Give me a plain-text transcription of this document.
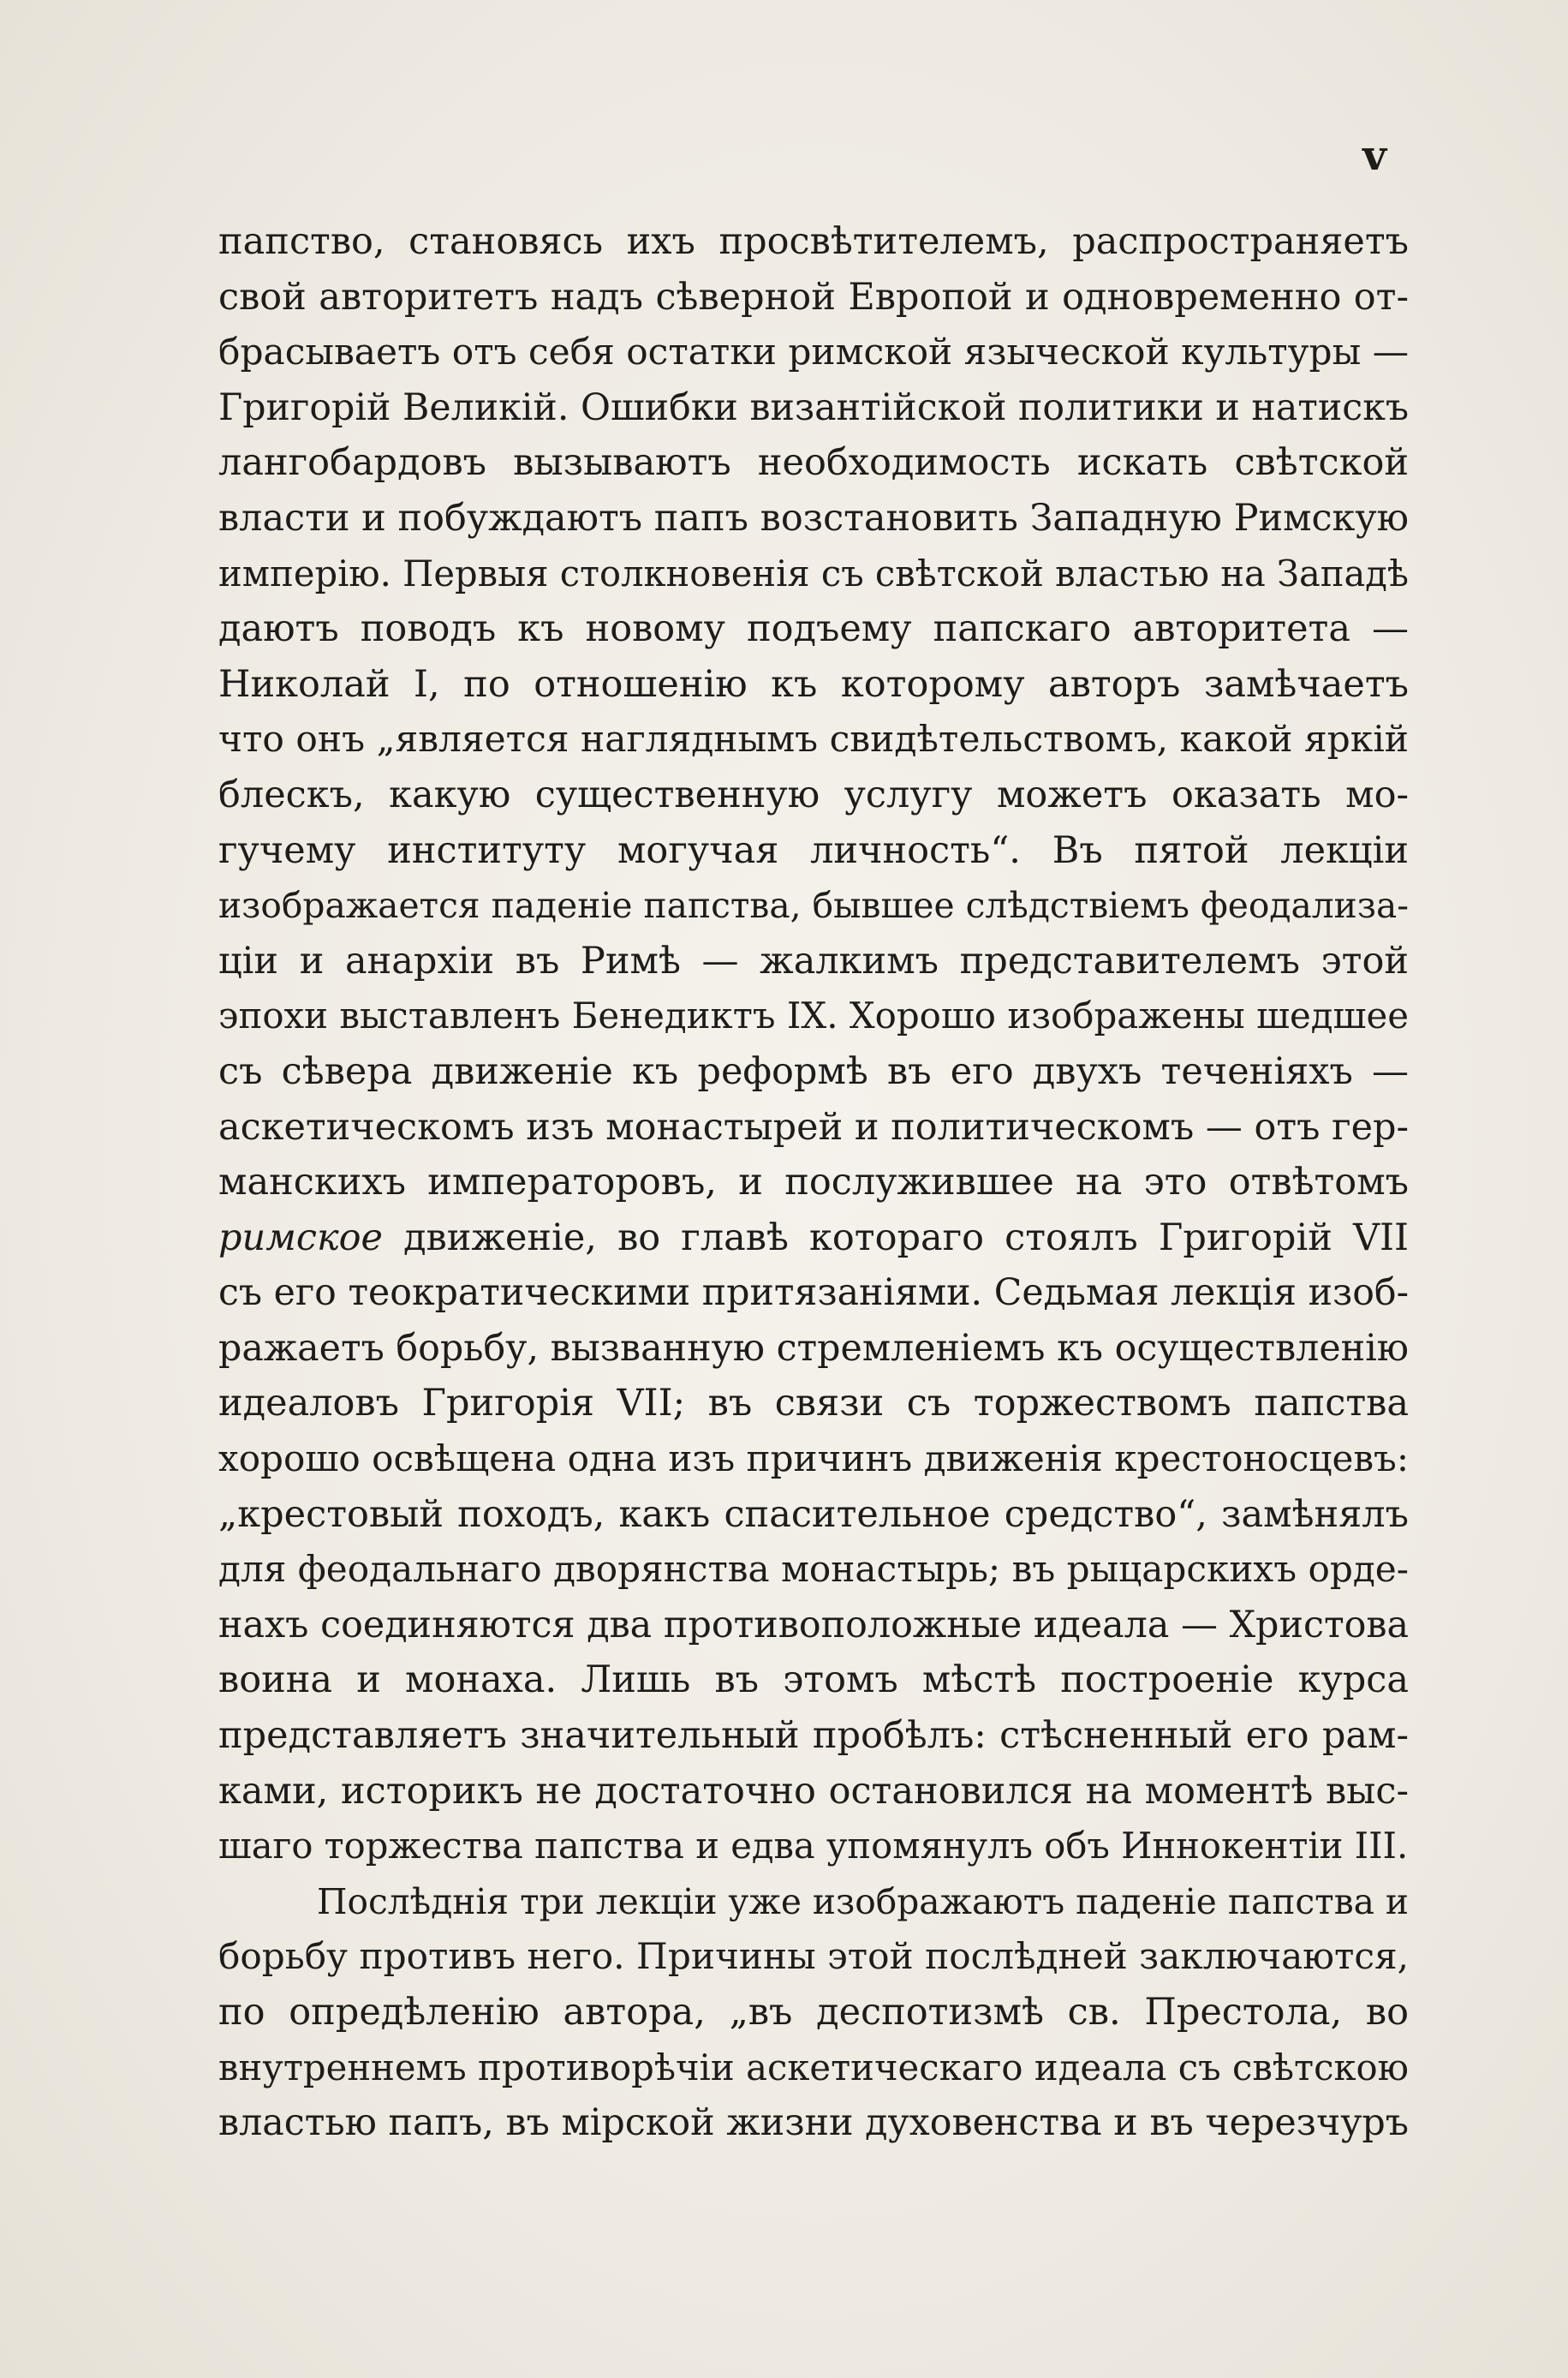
v
папство, становясь ихъ просвѣтителемъ, распространяетъ
свой авторитетъ надъ сѣверной Европой и одновременно от-
брасываетъ отъ себя остатки римской языческой культуры —
Григорій Великій. Ошибки византійской политики и натискъ
лангобардовъ вызываютъ необходимость искать свѣтской
власти и побуждаютъ папъ возстановить Западную Римскую
имперію. Первыя столкновенія съ свѣтской властью на Западѣ
даютъ поводъ къ новому подъему папскаго авторитета —
Николай I, по отношенію къ которому авторъ замѣчаетъ
что онъ „является нагляднымъ свидѣтельствомъ, какой яркій
блескъ, какую существенную услугу можетъ оказать мо-
гучему институту могучая личность“. Въ пятой лекціи
изображается паденіе папства, бывшее слѣдствіемъ феодализа-
ціи и анархіи въ Римѣ — жалкимъ представителемъ этой
эпохи выставленъ Бенедиктъ IX. Хорошо изображены шедшее
съ сѣвера движеніе къ реформѣ въ его двухъ теченіяхъ —
аскетическомъ изъ монастырей и политическомъ — отъ гер-
манскихъ императоровъ, и послужившее на это отвѣтомъ
римское движеніе, во главѣ котораго стоялъ Григорій VII
съ его теократическими притязаніями. Седьмая лекція изоб-
ражаетъ борьбу, вызванную стремленіемъ къ осуществленію
идеаловъ Григорія VII; въ связи съ торжествомъ папства
хорошо освѣщена одна изъ причинъ движенія крестоносцевъ:
„крестовый походъ, какъ спасительное средство“, замѣнялъ
для феодальнаго дворянства монастырь; въ рыцарскихъ орде-
нахъ соединяются два противоположные идеала — Христова
воина и монаха. Лишь въ этомъ мѣстѣ построеніе курса
представляетъ значительный пробѣлъ: стѣсненный его рам-
ками, историкъ не достаточно остановился на моментѣ выс-
шаго торжества папства и едва упомянулъ объ Иннокентіи III.
Послѣднія три лекціи уже изображаютъ паденіе папства и
борьбу противъ него. Причины этой послѣдней заключаются,
по опредѣленію автора, „въ деспотизмѣ св. Престола, во
внутреннемъ противорѣчіи аскетическаго идеала съ свѣтскою
властью папъ, въ мірской жизни духовенства и въ черезчуръ
